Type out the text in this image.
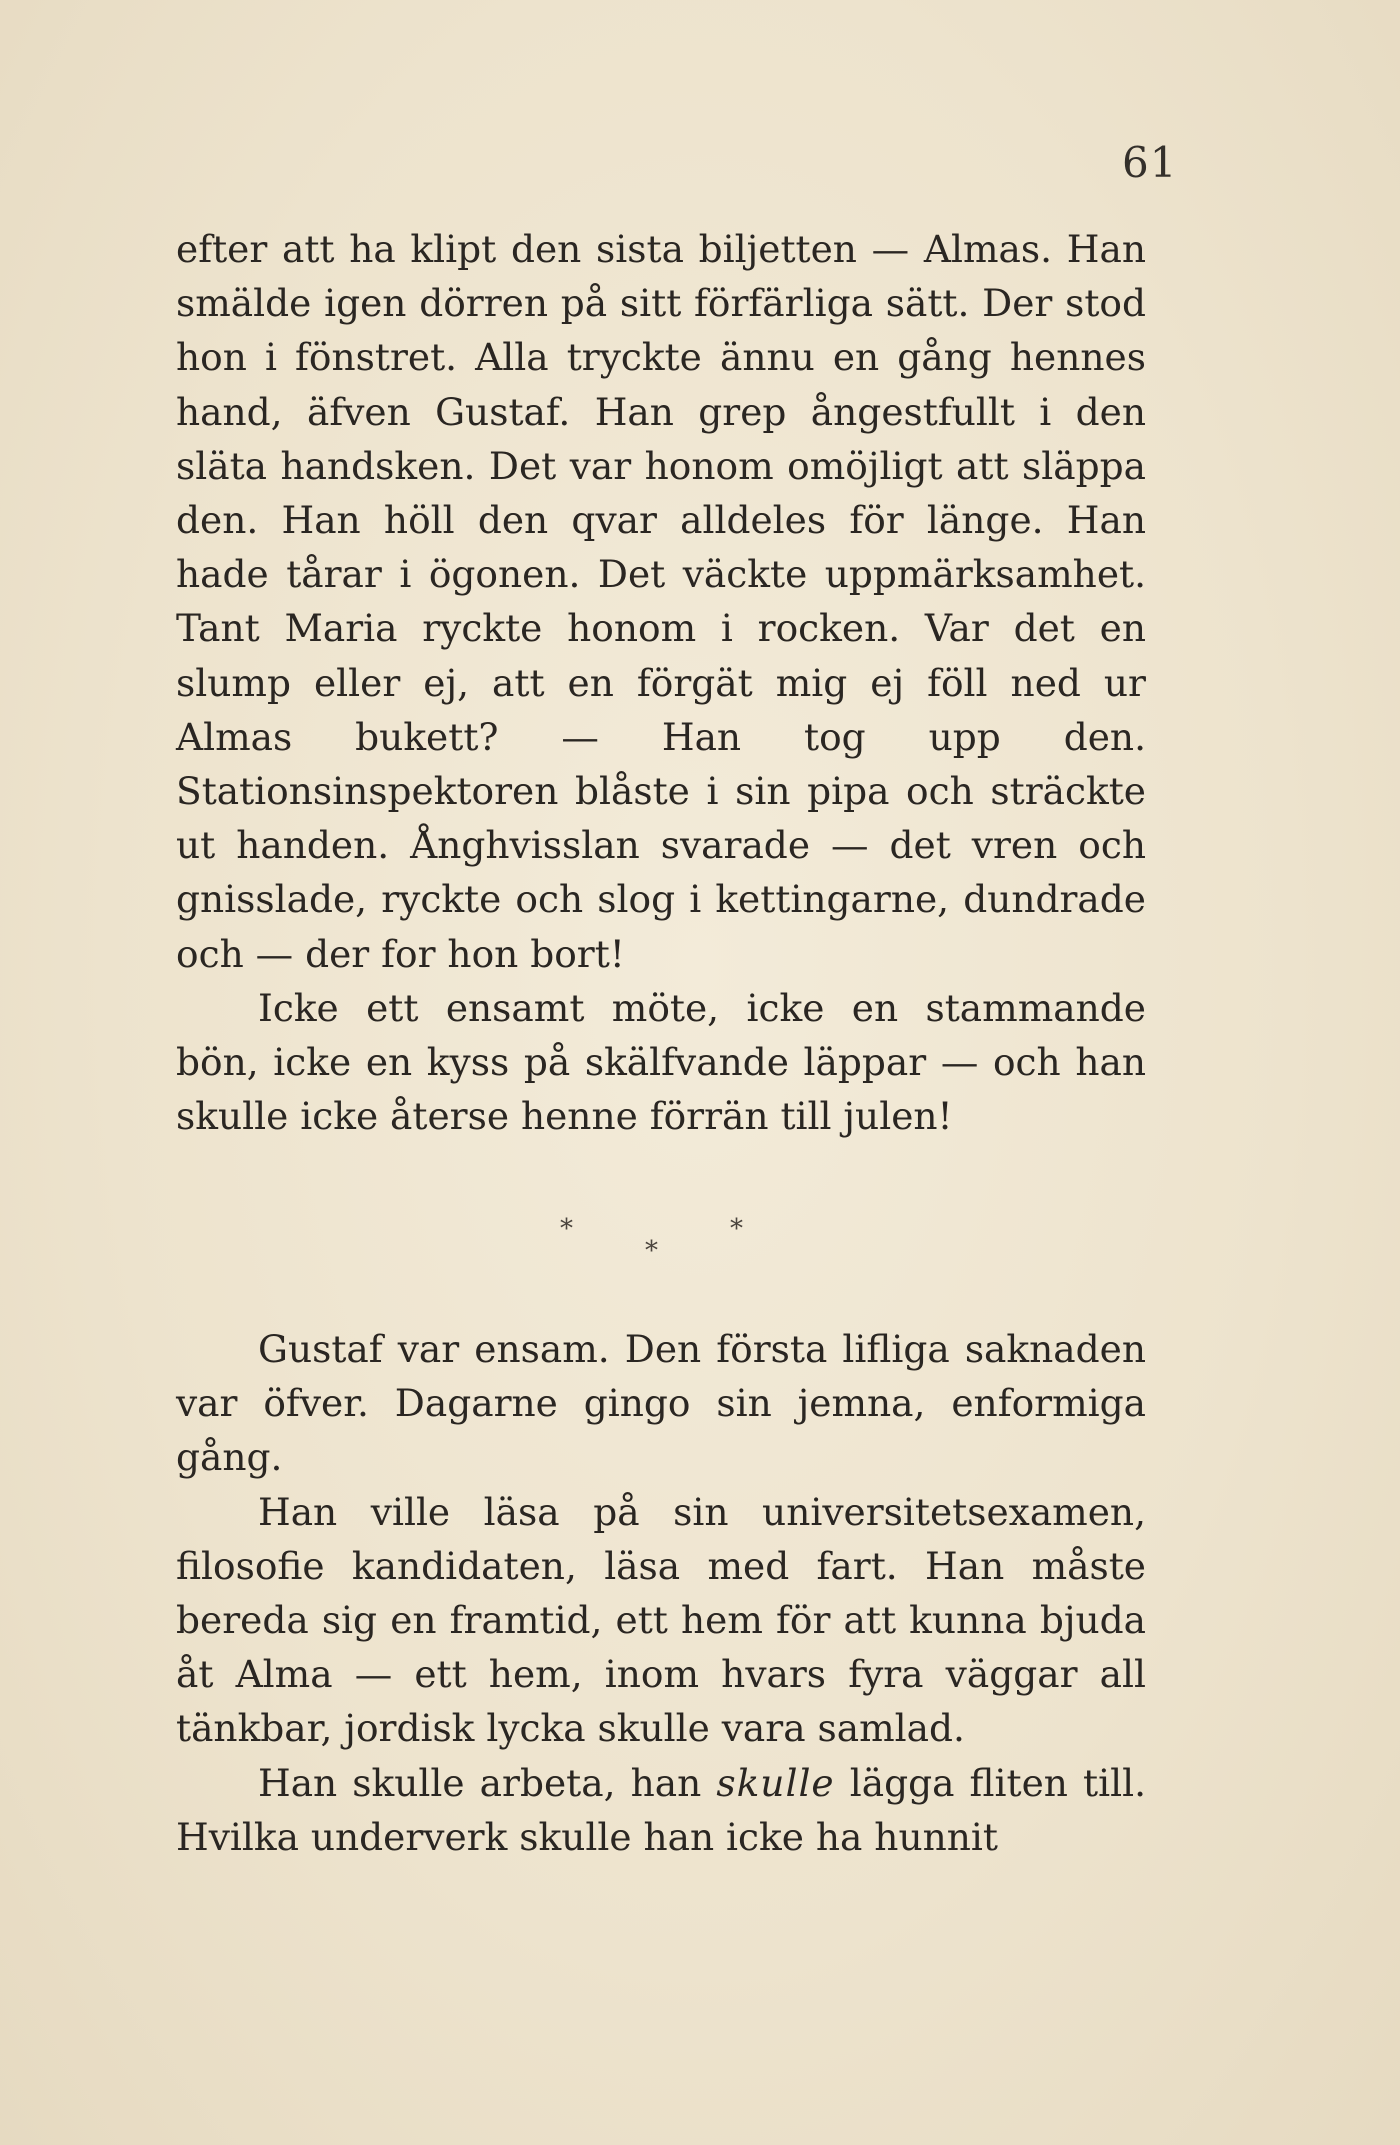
61

efter att ha klipt den sista biljetten — Almas. Han smälde igen dörren på sitt förfärliga sätt. Der stod hon i fönstret. Alla tryckte ännu en gång hennes hand, äfven Gustaf. Han grep ångestfullt i den släta handsken. Det var honom omöjligt att släppa den. Han höll den qvar alldeles för länge. Han hade tårar i ögonen. Det väckte uppmärksamhet. Tant Maria ryckte honom i rocken. Var det en slump eller ej, att en förgät mig ej föll ned ur Almas bukett? — Han tog upp den. Stationsinspektoren blåste i sin pipa och sträckte ut handen. Ånghvisslan svarade — det vren och gnisslade, ryckte och slog i kettingarne, dundrade och — der for hon bort!

Icke ett ensamt möte, icke en stammande bön, icke en kyss på skälfvande läppar — och han skulle icke återse henne förrän till julen!

*	*
*

Gustaf var ensam. Den första lifliga saknaden var öfver. Dagarne gingo sin jemna, enformiga gång.

Han ville läsa på sin universitetsexamen, filosofie kandidaten, läsa med fart. Han måste bereda sig en framtid, ett hem för att kunna bjuda åt Alma — ett hem, inom hvars fyra väggar all tänkbar, jordisk lycka skulle vara samlad.

Han skulle arbeta, han skulle lägga fliten till. Hvilka underverk skulle han icke ha hunnit
